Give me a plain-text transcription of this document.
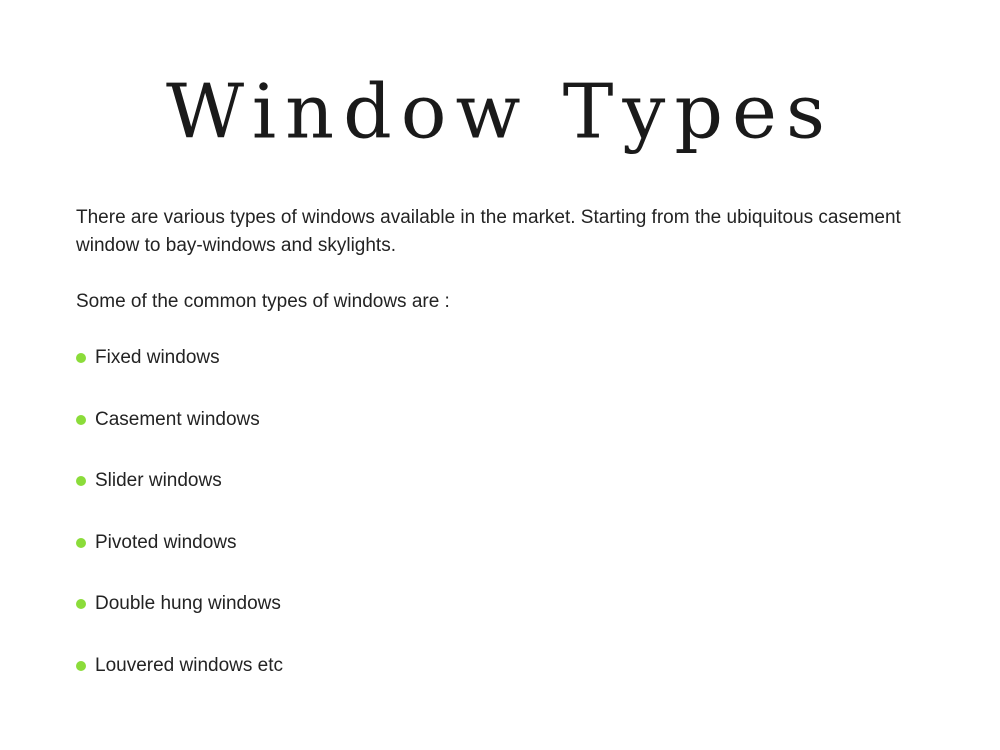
Window Types

There are various types of windows available in the market. Starting from the ubiquitous casement window to bay-windows and skylights.

Some of the common types of windows are :

Fixed windows
Casement windows
Slider windows
Pivoted windows
Double hung windows
Louvered windows etc
